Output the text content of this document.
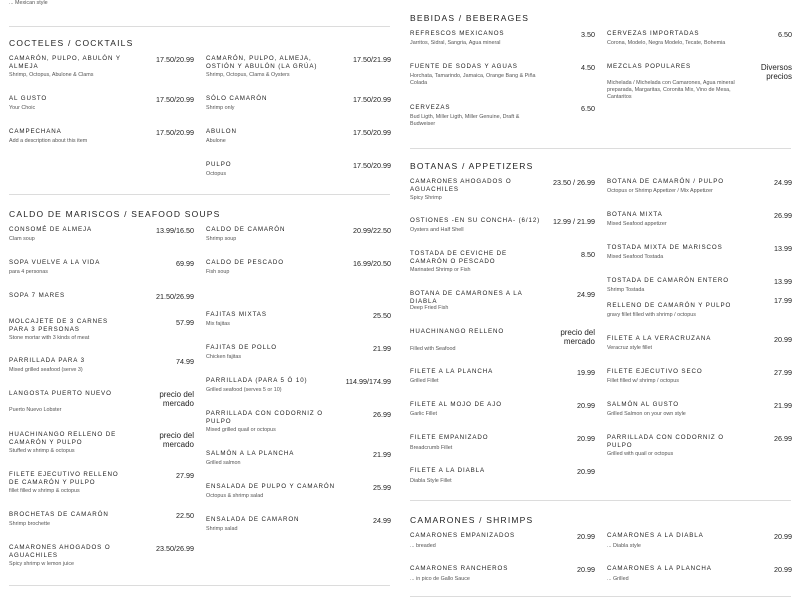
... Mexican style
COCTELES / COCKTAILS
CAMARÓN, PULPO, ABULÓN Y ALMEJA
Shrimp, Octopus, Abulone & Clams
17.50/20.99 CAMARÓN, PULPO, ALMEJA, OSTIÓN Y ABULÓN (LA GRÚA)
Shrimp, Octopus, Clams & Oysters
17.50/21.99
AL GUSTO
Your Choic
17.50/20.99 SÓLO CAMARÓN
Shrimp only
17.50/20.99
CAMPECHANA
Add a description about this item
17.50/20.99 ABULON
Abulone
17.50/20.99
PULPO
Octopus
17.50/20.99
CALDO DE MARISCOS / SEAFOOD SOUPS
CONSOMÉ DE ALMEJA
Clam soup
13.99/16.50 CALDO DE CAMARÓN
Shrimp soup
20.99/22.50
SOPA VUELVE A LA VIDA
para 4 personas
69.99 CALDO DE PESCADO
Fish soup
16.99/20.50
SOPA 7 MARES	21.50/26.99
MOLCAJETE DE 3 CARNES PARA 3 PERSONAS
Stone mortar with 3 kinds of meat
57.99
FAJITAS MIXTAS
Mix fajitas
25.50
FAJITAS DE POLLO
Chicken fajitas
21.99
PARRILLADA PARA 3
Mixed grilled seafood (serve 3)
74.99
PARRILLADA (PARA 5 Ó 10)
Grilled seafood (serves 5 or 10)
114.99/174.99
LANGOSTA PUERTO NUEVO
Puerto Nuevo Lobster
precio del mercado
PARRILLADA CON CODORNIZ O PULPO
Mixed grilled quail or octopus
26.99
HUACHINANGO RELLENO DE CAMARÓN Y PULPO
Stuffed w shrimp & octopus
precio del mercado
SALMÓN A LA PLANCHA
Grilled salmon
21.99
FILETE EJECUTIVO RELLENO DE CAMARÓN Y PULPO
fillet filled w shrimp & octopus
27.99
ENSALADA DE PULPO Y CAMARÓN
Octopus & shrimp salad
25.99
BROCHETAS DE CAMARÓN
Shrimp brochette
22.50 ENSALADA DE CAMARON
Shrimp salad
24.99
CAMARONES AHOGADOS O AGUACHILES
Spicy shrimp w lemon juice
23.50/26.99
BEBIDAS / BEBERAGES
REFRESCOS MEXICANOS
Jarritos, Sidral, Sangria, Agua mineral
3.50 CERVEZAS IMPORTADAS
Corona, Modelo, Negra Modelo, Tecate, Bohemia
6.50
FUENTE DE SODAS Y AGUAS
Horchata, Tamarindo, Jamaica, Orange Bang & Piña Colada
4.50 MEZCLAS POPULARES
Michelada / Michelada con Camarones, Agua mineral preparada, Margaritas, Coronita Mix, Vino de Mesa, Cantaritos
Diversos precios
CERVEZAS
Bud Ligth, Miller Ligth, Miller Genuine, Draft & Budweiser
6.50
BOTANAS / APPETIZERS
CAMARONES AHOGADOS O AGUACHILES
Spicy Shrimp
23.50 / 26.99 BOTANA DE CAMARÓN / PULPO
Octopus or Shrimp Appetizer / Mix Appetizer
24.99
OSTIONES -EN SU CONCHA- (6/12)
Oysters and Half Shell
12.99 / 21.99
BOTANA MIXTA
Mixed Seafood appetizer
26.99
TOSTADA DE CEVICHE DE CAMARÓN O PESCADO
Marinated Shrimp or Fish
8.50
TOSTADA MIXTA DE MARISCOS
Mixed Seafood Tostada
13.99
TOSTADA DE CAMARÓN ENTERO
Shrimp Tostada
13.99
BOTANA DE CAMARONES A LA DIABLA
Deep Fried Fish
24.99
RELLENO DE CAMARÓN Y PULPO
gravy fillet filled with shrimp / octopus
17.99
HUACHINANGO RELLENO
Filled with Seafood
precio del mercado FILETE A LA VERACRUZANA
Veracruz style fillet
20.99
FILETE A LA PLANCHA
Grilled Fillet
19.99 FILETE EJECUTIVO SECO
Fillet filled w/ shrimp / octopus
27.99
FILETE AL MOJO DE AJO
Garlic Fillet
20.99 SALMÓN AL GUSTO
Grilled Salmon on your own style
21.99
FILETE EMPANIZADO
Breadcrumb Fillet
20.99 PARRILLADA CON CODORNIZ O PULPO
Grilled with quail or octopus
26.99
FILETE A LA DIABLA
Diabla Style Fillet
20.99
CAMARONES / SHRIMPS
CAMARONES EMPANIZADOS
... breaded
20.99 CAMARONES A LA DIABLA
... Diabla style
20.99
CAMARONES RANCHEROS
... in pico de Gallo Sauce
20.99 CAMARONES A LA PLANCHA
... Grilled
20.99
